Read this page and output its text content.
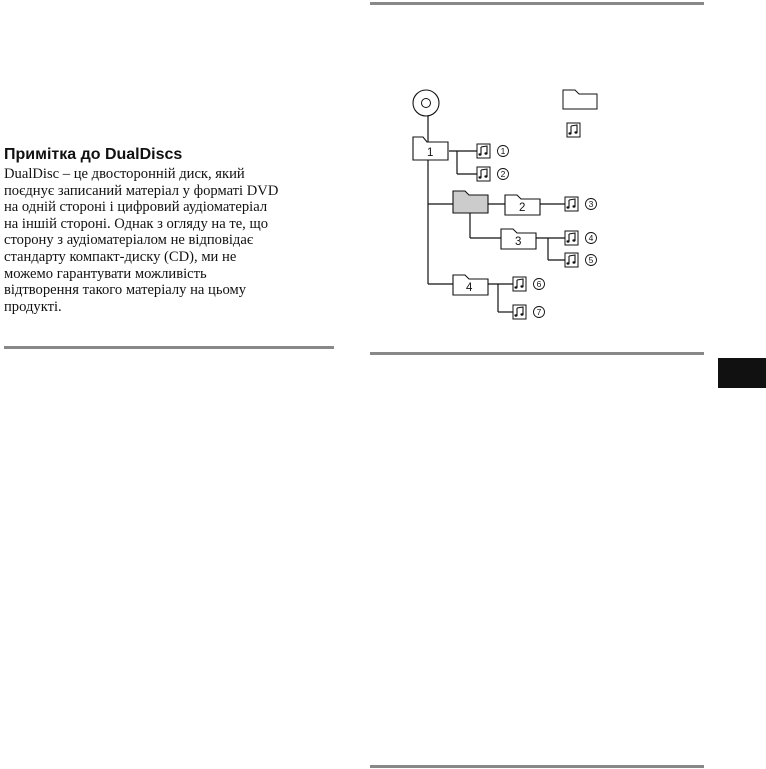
Примітка до DualDiscs

DualDisc – це двосторонній диск, який
поєднує записаний матеріал у форматі DVD
на одній стороні і цифровий аудіоматеріал
на іншій стороні. Однак з огляду на те, що
сторону з аудіоматеріалом не відповідає
стандарту компакт-диску (CD), ми не
можемо гарантувати можливість
відтворення такого матеріалу на цьому
продукті.

1
2
3
4
1
2
3
4
5
6
7
